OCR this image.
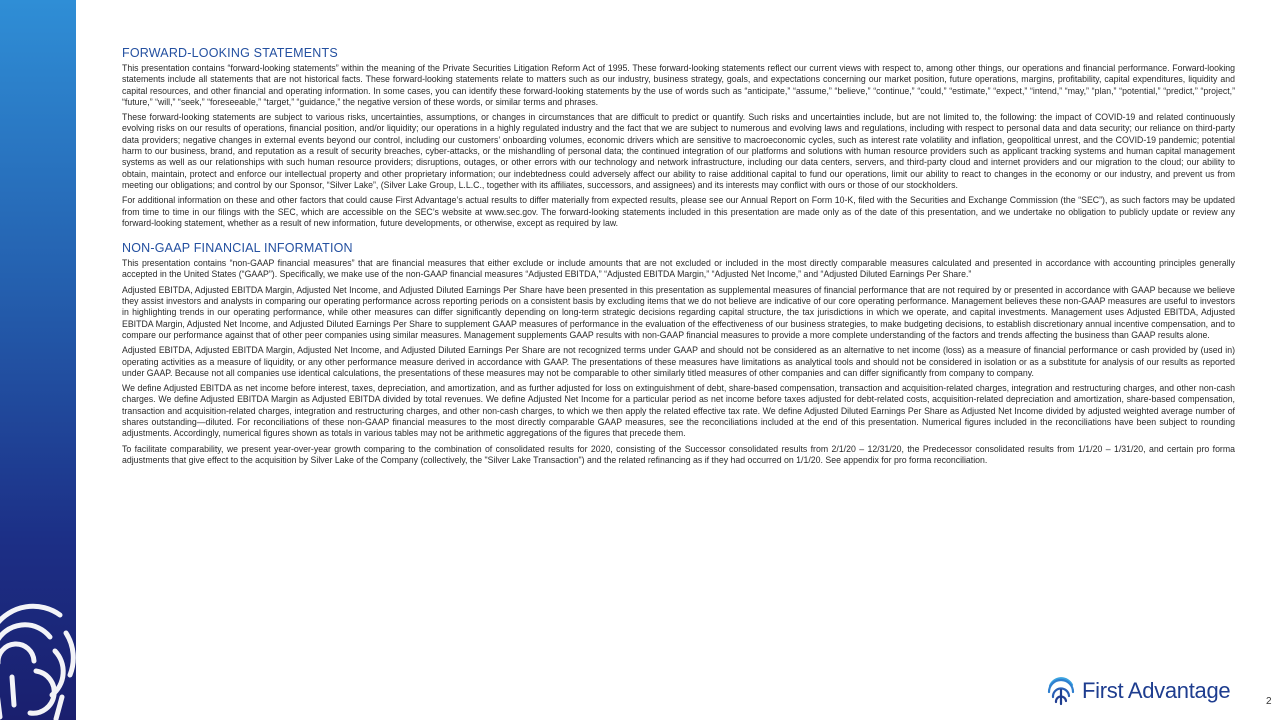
FORWARD-LOOKING STATEMENTS

This presentation contains “forward-looking statements” within the meaning of the Private Securities Litigation Reform Act of 1995. These forward-looking statements reflect our current views with respect to, among other things, our operations and financial performance. Forward-looking statements include all statements that are not historical facts. These forward-looking statements relate to matters such as our industry, business strategy, goals, and expectations concerning our market position, future operations, margins, profitability, capital expenditures, liquidity and capital resources, and other financial and operating information. In some cases, you can identify these forward-looking statements by the use of words such as “anticipate,” “assume,” “believe,” “continue,” “could,” “estimate,” “expect,” “intend,” “may,” “plan,” “potential,” “predict,” “project,” “future,” “will,” “seek,” “foreseeable,” “target,” “guidance,” the negative version of these words, or similar terms and phrases.

These forward-looking statements are subject to various risks, uncertainties, assumptions, or changes in circumstances that are difficult to predict or quantify. Such risks and uncertainties include, but are not limited to, the following: the impact of COVID-19 and related continuously evolving risks on our results of operations, financial position, and/or liquidity; our operations in a highly regulated industry and the fact that we are subject to numerous and evolving laws and regulations, including with respect to personal data and data security; our reliance on third-party data providers; negative changes in external events beyond our control, including our customers’ onboarding volumes, economic drivers which are sensitive to macroeconomic cycles, such as interest rate volatility and inflation, geopolitical unrest, and the COVID-19 pandemic; potential harm to our business, brand, and reputation as a result of security breaches, cyber-attacks, or the mishandling of personal data; the continued integration of our platforms and solutions with human resource providers such as applicant tracking systems and human capital management systems as well as our relationships with such human resource providers; disruptions, outages, or other errors with our technology and network infrastructure, including our data centers, servers, and third-party cloud and internet providers and our migration to the cloud; our ability to obtain, maintain, protect and enforce our intellectual property and other proprietary information; our indebtedness could adversely affect our ability to raise additional capital to fund our operations, limit our ability to react to changes in the economy or our industry, and prevent us from meeting our obligations; and control by our Sponsor, “Silver Lake”, (Silver Lake Group, L.L.C., together with its affiliates, successors, and assignees) and its interests may conflict with ours or those of our stockholders.

For additional information on these and other factors that could cause First Advantage’s actual results to differ materially from expected results, please see our Annual Report on Form 10-K, filed with the Securities and Exchange Commission (the “SEC”), as such factors may be updated from time to time in our filings with the SEC, which are accessible on the SEC’s website at www.sec.gov. The forward-looking statements included in this presentation are made only as of the date of this presentation, and we undertake no obligation to publicly update or review any forward-looking statement, whether as a result of new information, future developments, or otherwise, except as required by law.

NON-GAAP FINANCIAL INFORMATION

This presentation contains “non-GAAP financial measures” that are financial measures that either exclude or include amounts that are not excluded or included in the most directly comparable measures calculated and presented in accordance with accounting principles generally accepted in the United States (“GAAP”). Specifically, we make use of the non-GAAP financial measures “Adjusted EBITDA,” “Adjusted EBITDA Margin,” “Adjusted Net Income,” and “Adjusted Diluted Earnings Per Share.”

Adjusted EBITDA, Adjusted EBITDA Margin, Adjusted Net Income, and Adjusted Diluted Earnings Per Share have been presented in this presentation as supplemental measures of financial performance that are not required by or presented in accordance with GAAP because we believe they assist investors and analysts in comparing our operating performance across reporting periods on a consistent basis by excluding items that we do not believe are indicative of our core operating performance. Management believes these non-GAAP measures are useful to investors in highlighting trends in our operating performance, while other measures can differ significantly depending on long-term strategic decisions regarding capital structure, the tax jurisdictions in which we operate, and capital investments. Management uses Adjusted EBITDA, Adjusted EBITDA Margin, Adjusted Net Income, and Adjusted Diluted Earnings Per Share to supplement GAAP measures of performance in the evaluation of the effectiveness of our business strategies, to make budgeting decisions, to establish discretionary annual incentive compensation, and to compare our performance against that of other peer companies using similar measures. Management supplements GAAP results with non-GAAP financial measures to provide a more complete understanding of the factors and trends affecting the business than GAAP results alone.

Adjusted EBITDA, Adjusted EBITDA Margin, Adjusted Net Income, and Adjusted Diluted Earnings Per Share are not recognized terms under GAAP and should not be considered as an alternative to net income (loss) as a measure of financial performance or cash provided by (used in) operating activities as a measure of liquidity, or any other performance measure derived in accordance with GAAP. The presentations of these measures have limitations as analytical tools and should not be considered in isolation or as a substitute for analysis of our results as reported under GAAP. Because not all companies use identical calculations, the presentations of these measures may not be comparable to other similarly titled measures of other companies and can differ significantly from company to company.

We define Adjusted EBITDA as net income before interest, taxes, depreciation, and amortization, and as further adjusted for loss on extinguishment of debt, share-based compensation, transaction and acquisition-related charges, integration and restructuring charges, and other non-cash charges. We define Adjusted EBITDA Margin as Adjusted EBITDA divided by total revenues. We define Adjusted Net Income for a particular period as net income before taxes adjusted for debt-related costs, acquisition-related depreciation and amortization, share-based compensation, transaction and acquisition-related charges, integration and restructuring charges, and other non-cash charges, to which we then apply the related effective tax rate. We define Adjusted Diluted Earnings Per Share as Adjusted Net Income divided by adjusted weighted average number of shares outstanding—diluted. For reconciliations of these non-GAAP financial measures to the most directly comparable GAAP measures, see the reconciliations included at the end of this presentation. Numerical figures included in the reconciliations have been subject to rounding adjustments. Accordingly, numerical figures shown as totals in various tables may not be arithmetic aggregations of the figures that precede them.

To facilitate comparability, we present year-over-year growth comparing to the combination of consolidated results for 2020, consisting of the Successor consolidated results from 2/1/20 – 12/31/20, the Predecessor consolidated results from 1/1/20 – 1/31/20, and certain pro forma adjustments that give effect to the acquisition by Silver Lake of the Company (collectively, the "Silver Lake Transaction") and the related refinancing as if they had occurred on 1/1/20. See appendix for pro forma reconciliation.

First Advantage	2
